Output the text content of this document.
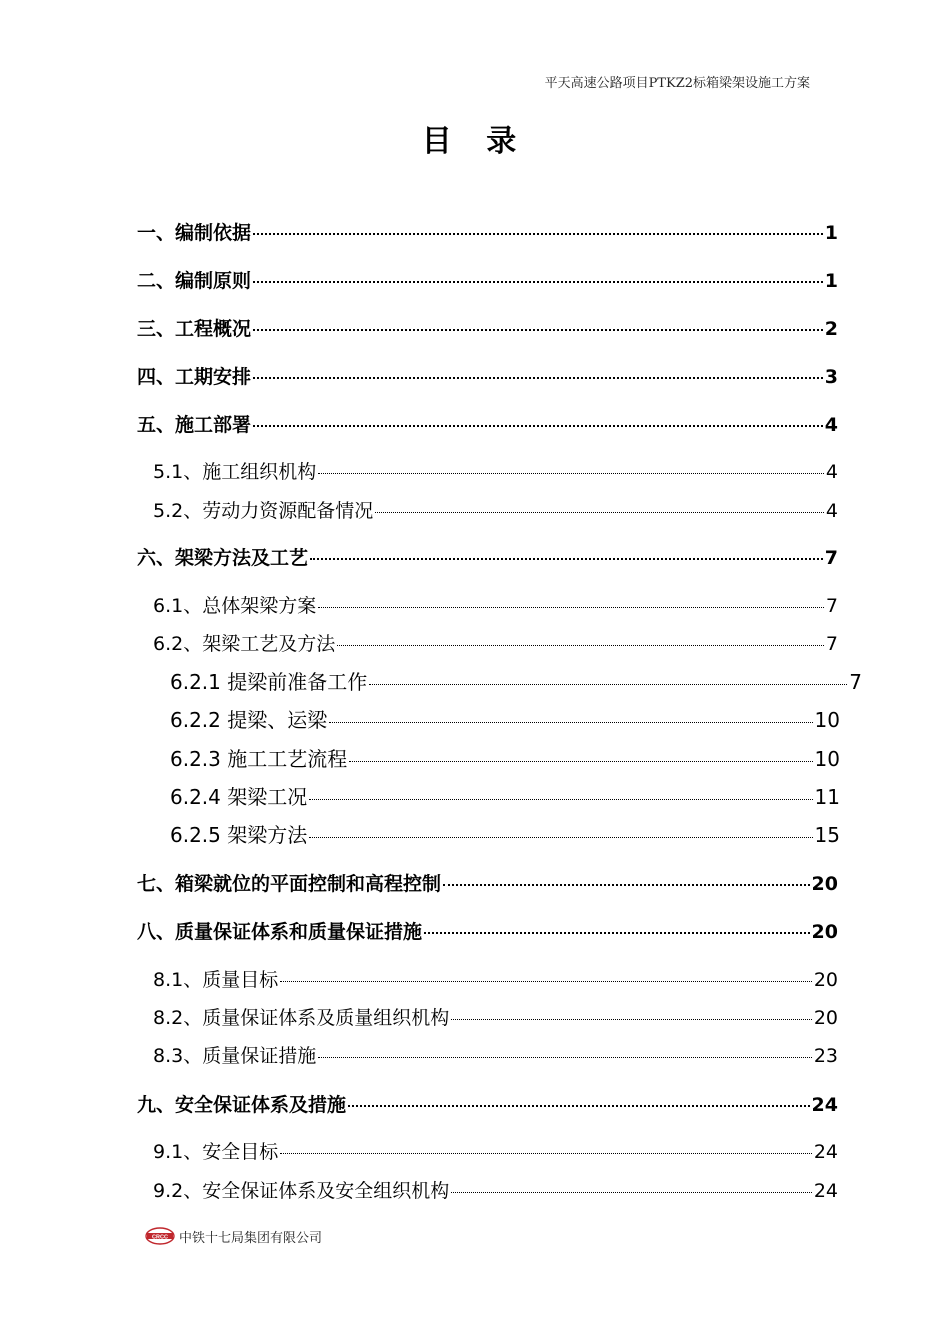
平天高速公路项目PTKZ2标箱梁架设施工方案
目 录
一、编制依据	1
二、编制原则	1
三、工程概况	2
四、工期安排	3
五、施工部署	4
5.1、施工组织机构	4
5.2、劳动力资源配备情况	4
六、架梁方法及工艺	7
6.1、总体架梁方案	7
6.2、架梁工艺及方法	7
6.2.1 提梁前准备工作	7
6.2.2 提梁、运梁	10
6.2.3 施工工艺流程	10
6.2.4 架梁工况	11
6.2.5 架梁方法	15
七、箱梁就位的平面控制和高程控制	20
八、质量保证体系和质量保证措施	20
8.1、质量目标	20
8.2、质量保证体系及质量组织机构	20
8.3、质量保证措施	23
九、安全保证体系及措施	24
9.1、安全目标	24
9.2、安全保证体系及安全组织机构	24
CRCC 中铁十七局集团有限公司
